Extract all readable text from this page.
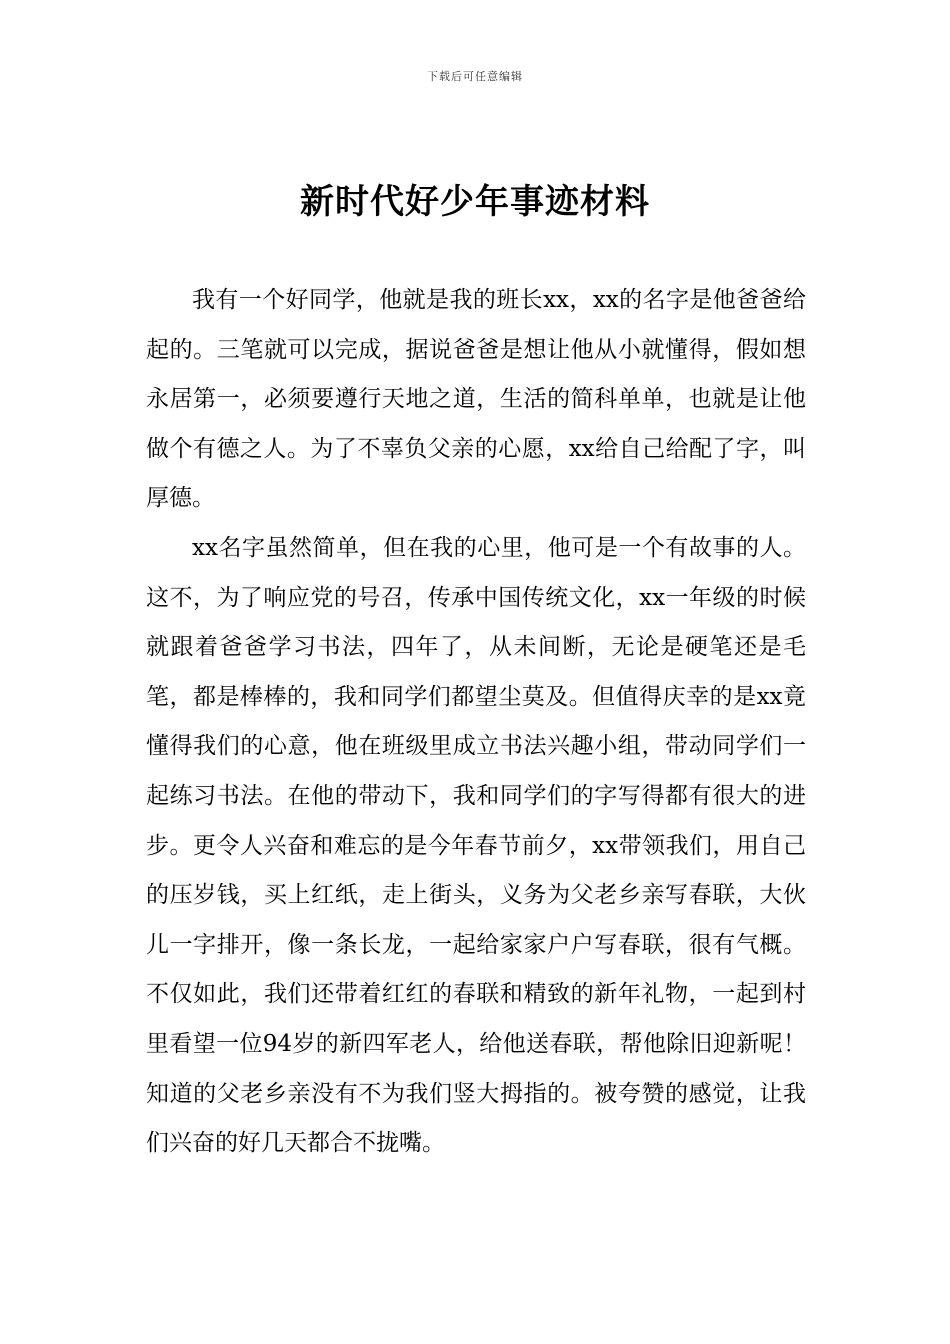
下载后可任意编辑
新时代好少年事迹材料

我有一个好同学，他就是我的班长xx，xx的名字是他爸爸给起的。三笔就可以完成，据说爸爸是想让他从小就懂得，假如想永居第一，必须要遵行天地之道，生活的简科单单，也就是让他做个有德之人。为了不辜负父亲的心愿，xx给自己给配了字，叫厚德。

xx名字虽然简单，但在我的心里，他可是一个有故事的人。这不，为了响应党的号召，传承中国传统文化，xx一年级的时候就跟着爸爸学习书法，四年了，从未间断，无论是硬笔还是毛笔，都是棒棒的，我和同学们都望尘莫及。但值得庆幸的是xx竟懂得我们的心意，他在班级里成立书法兴趣小组，带动同学们一起练习书法。在他的带动下，我和同学们的字写得都有很大的进步。更令人兴奋和难忘的是今年春节前夕，xx带领我们，用自己的压岁钱，买上红纸，走上街头，义务为父老乡亲写春联，大伙儿一字排开，像一条长龙，一起给家家户户写春联，很有气概。不仅如此，我们还带着红红的春联和精致的新年礼物，一起到村里看望一位94岁的新四军老人，给他送春联，帮他除旧迎新呢！知道的父老乡亲没有不为我们竖大拇指的。被夸赞的感觉，让我们兴奋的好几天都合不拢嘴。
